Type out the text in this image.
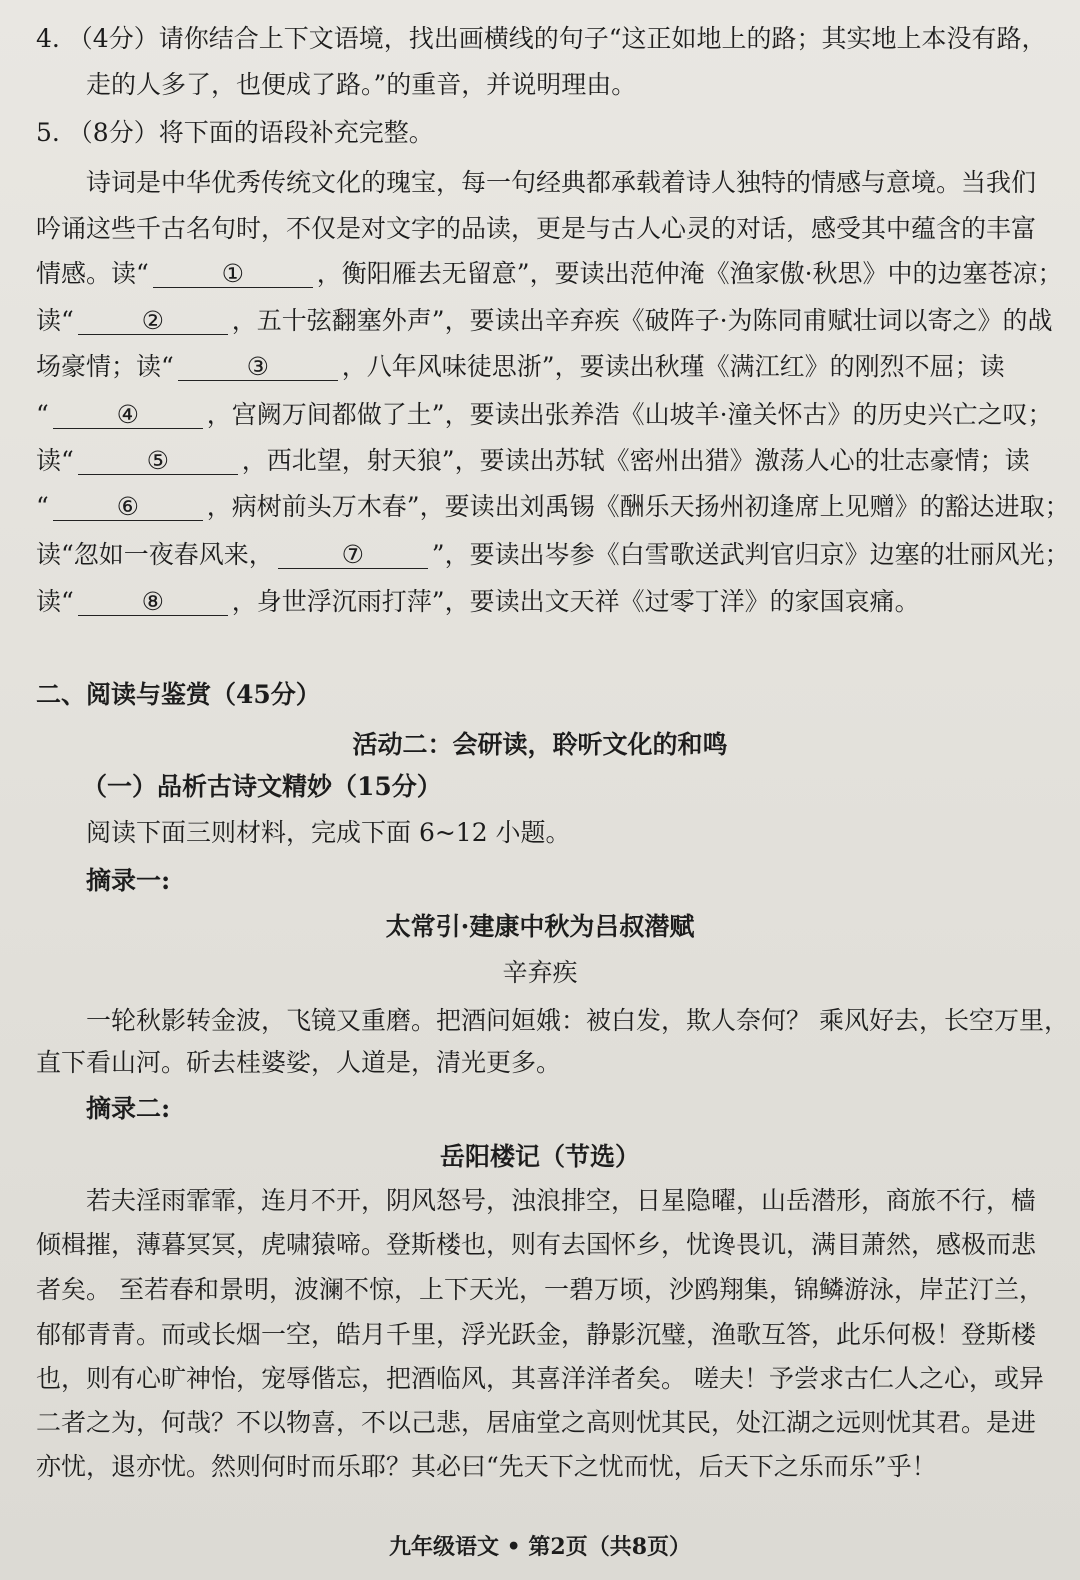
4. （4分）请你结合上下文语境，找出画横线的句子“这正如地上的路；其实地上本没有路，
走的人多了，也便成了路。”的重音，并说明理由。
5. （8分）将下面的语段补充完整。
诗词是中华优秀传统文化的瑰宝，每一句经典都承载着诗人独特的情感与意境。当我们
吟诵这些千古名句时，不仅是对文字的品读，更是与古人心灵的对话，感受其中蕴含的丰富
情感。读“	①	，衡阳雁去无留意”，要读出范仲淹《渔家傲·秋思》中的边塞苍凉；
读“	②	，五十弦翻塞外声”，要读出辛弃疾《破阵子·为陈同甫赋壮词以寄之》的战
场豪情；读“	③	，八年风味徒思浙”，要读出秋瑾《满江红》的刚烈不屈；读
“	④	，宫阙万间都做了土”，要读出张养浩《山坡羊·潼关怀古》的历史兴亡之叹；
读“	⑤	，西北望，射天狼”，要读出苏轼《密州出猎》激荡人心的壮志豪情；读
“	⑥	，病树前头万木春”，要读出刘禹锡《酬乐天扬州初逢席上见赠》的豁达进取；
读“忽如一夜春风来，	⑦	”，要读出岑参《白雪歌送武判官归京》边塞的壮丽风光；
读“	⑧	，身世浮沉雨打萍”，要读出文天祥《过零丁洋》的家国哀痛。
二、阅读与鉴赏（45分）
活动二：会研读，聆听文化的和鸣
（一）品析古诗文精妙（15分）
阅读下面三则材料，完成下面 6~12 小题。
摘录一:
太常引·建康中秋为吕叔潜赋
辛弃疾
一轮秋影转金波，飞镜又重磨。把酒问姮娥：被白发，欺人奈何？ 乘风好去，长空万里，
直下看山河。斫去桂婆娑，人道是，清光更多。
摘录二:
岳阳楼记（节选）
若夫淫雨霏霏，连月不开，阴风怒号，浊浪排空，日星隐曜，山岳潜形，商旅不行，樯
倾楫摧，薄暮冥冥，虎啸猿啼。登斯楼也，则有去国怀乡，忧谗畏讥，满目萧然，感极而悲
者矣。 至若春和景明，波澜不惊，上下天光，一碧万顷，沙鸥翔集，锦鳞游泳，岸芷汀兰，
郁郁青青。而或长烟一空，皓月千里，浮光跃金，静影沉璧，渔歌互答，此乐何极！登斯楼
也，则有心旷神怡，宠辱偕忘，把酒临风，其喜洋洋者矣。 嗟夫！予尝求古仁人之心，或异
二者之为，何哉？不以物喜，不以己悲，居庙堂之高则忧其民，处江湖之远则忧其君。是进
亦忧，退亦忧。然则何时而乐耶？其必曰“先天下之忧而忧，后天下之乐而乐”乎！
九年级语文 • 第2页（共8页）
